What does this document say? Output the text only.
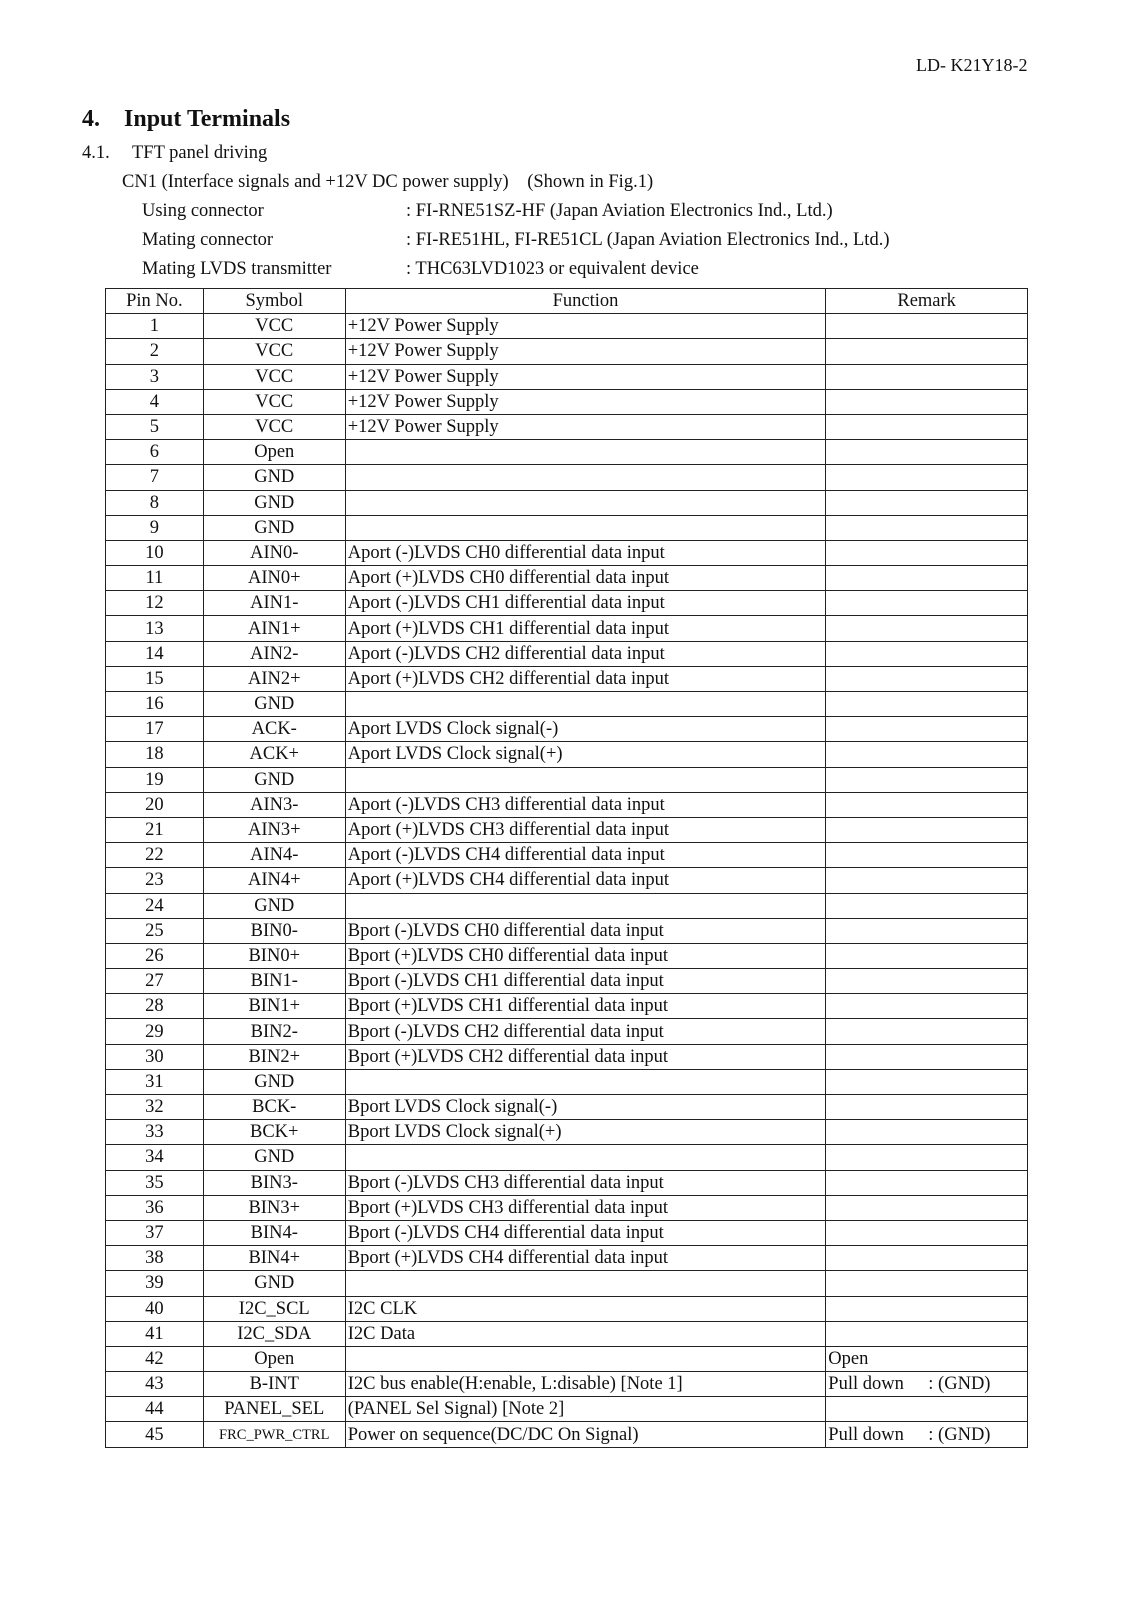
LD- K21Y18-2
4. Input Terminals
4.1. TFT panel driving
CN1 (Interface signals and +12V DC power supply)    (Shown in Fig.1)
Using connector	: FI-RNE51SZ-HF (Japan Aviation Electronics Ind., Ltd.)
Mating connector	: FI-RE51HL, FI-RE51CL (Japan Aviation Electronics Ind., Ltd.)
Mating LVDS transmitter	: THC63LVD1023 or equivalent device
Pin No.	Symbol	Function	Remark
1	VCC	+12V Power Supply	
2	VCC	+12V Power Supply	
3	VCC	+12V Power Supply	
4	VCC	+12V Power Supply	
5	VCC	+12V Power Supply	
6	Open		
7	GND		
8	GND		
9	GND		
10	AIN0-	Aport (-)LVDS CH0 differential data input	
11	AIN0+	Aport (+)LVDS CH0 differential data input	
12	AIN1-	Aport (-)LVDS CH1 differential data input	
13	AIN1+	Aport (+)LVDS CH1 differential data input	
14	AIN2-	Aport (-)LVDS CH2 differential data input	
15	AIN2+	Aport (+)LVDS CH2 differential data input	
16	GND		
17	ACK-	Aport LVDS Clock signal(-)	
18	ACK+	Aport LVDS Clock signal(+)	
19	GND		
20	AIN3-	Aport (-)LVDS CH3 differential data input	
21	AIN3+	Aport (+)LVDS CH3 differential data input	
22	AIN4-	Aport (-)LVDS CH4 differential data input	
23	AIN4+	Aport (+)LVDS CH4 differential data input	
24	GND		
25	BIN0-	Bport (-)LVDS CH0 differential data input	
26	BIN0+	Bport (+)LVDS CH0 differential data input	
27	BIN1-	Bport (-)LVDS CH1 differential data input	
28	BIN1+	Bport (+)LVDS CH1 differential data input	
29	BIN2-	Bport (-)LVDS CH2 differential data input	
30	BIN2+	Bport (+)LVDS CH2 differential data input	
31	GND		
32	BCK-	Bport LVDS Clock signal(-)	
33	BCK+	Bport LVDS Clock signal(+)	
34	GND		
35	BIN3-	Bport (-)LVDS CH3 differential data input	
36	BIN3+	Bport (+)LVDS CH3 differential data input	
37	BIN4-	Bport (-)LVDS CH4 differential data input	
38	BIN4+	Bport (+)LVDS CH4 differential data input	
39	GND		
40	I2C_SCL	I2C CLK	
41	I2C_SDA	I2C Data	
42	Open		Open
43	B-INT	I2C bus enable(H:enable, L:disable) [Note 1]	Pull down : (GND)
44	PANEL_SEL	(PANEL Sel Signal) [Note 2]	
45	FRC_PWR_CTRL	Power on sequence(DC/DC On Signal)	Pull down : (GND)
